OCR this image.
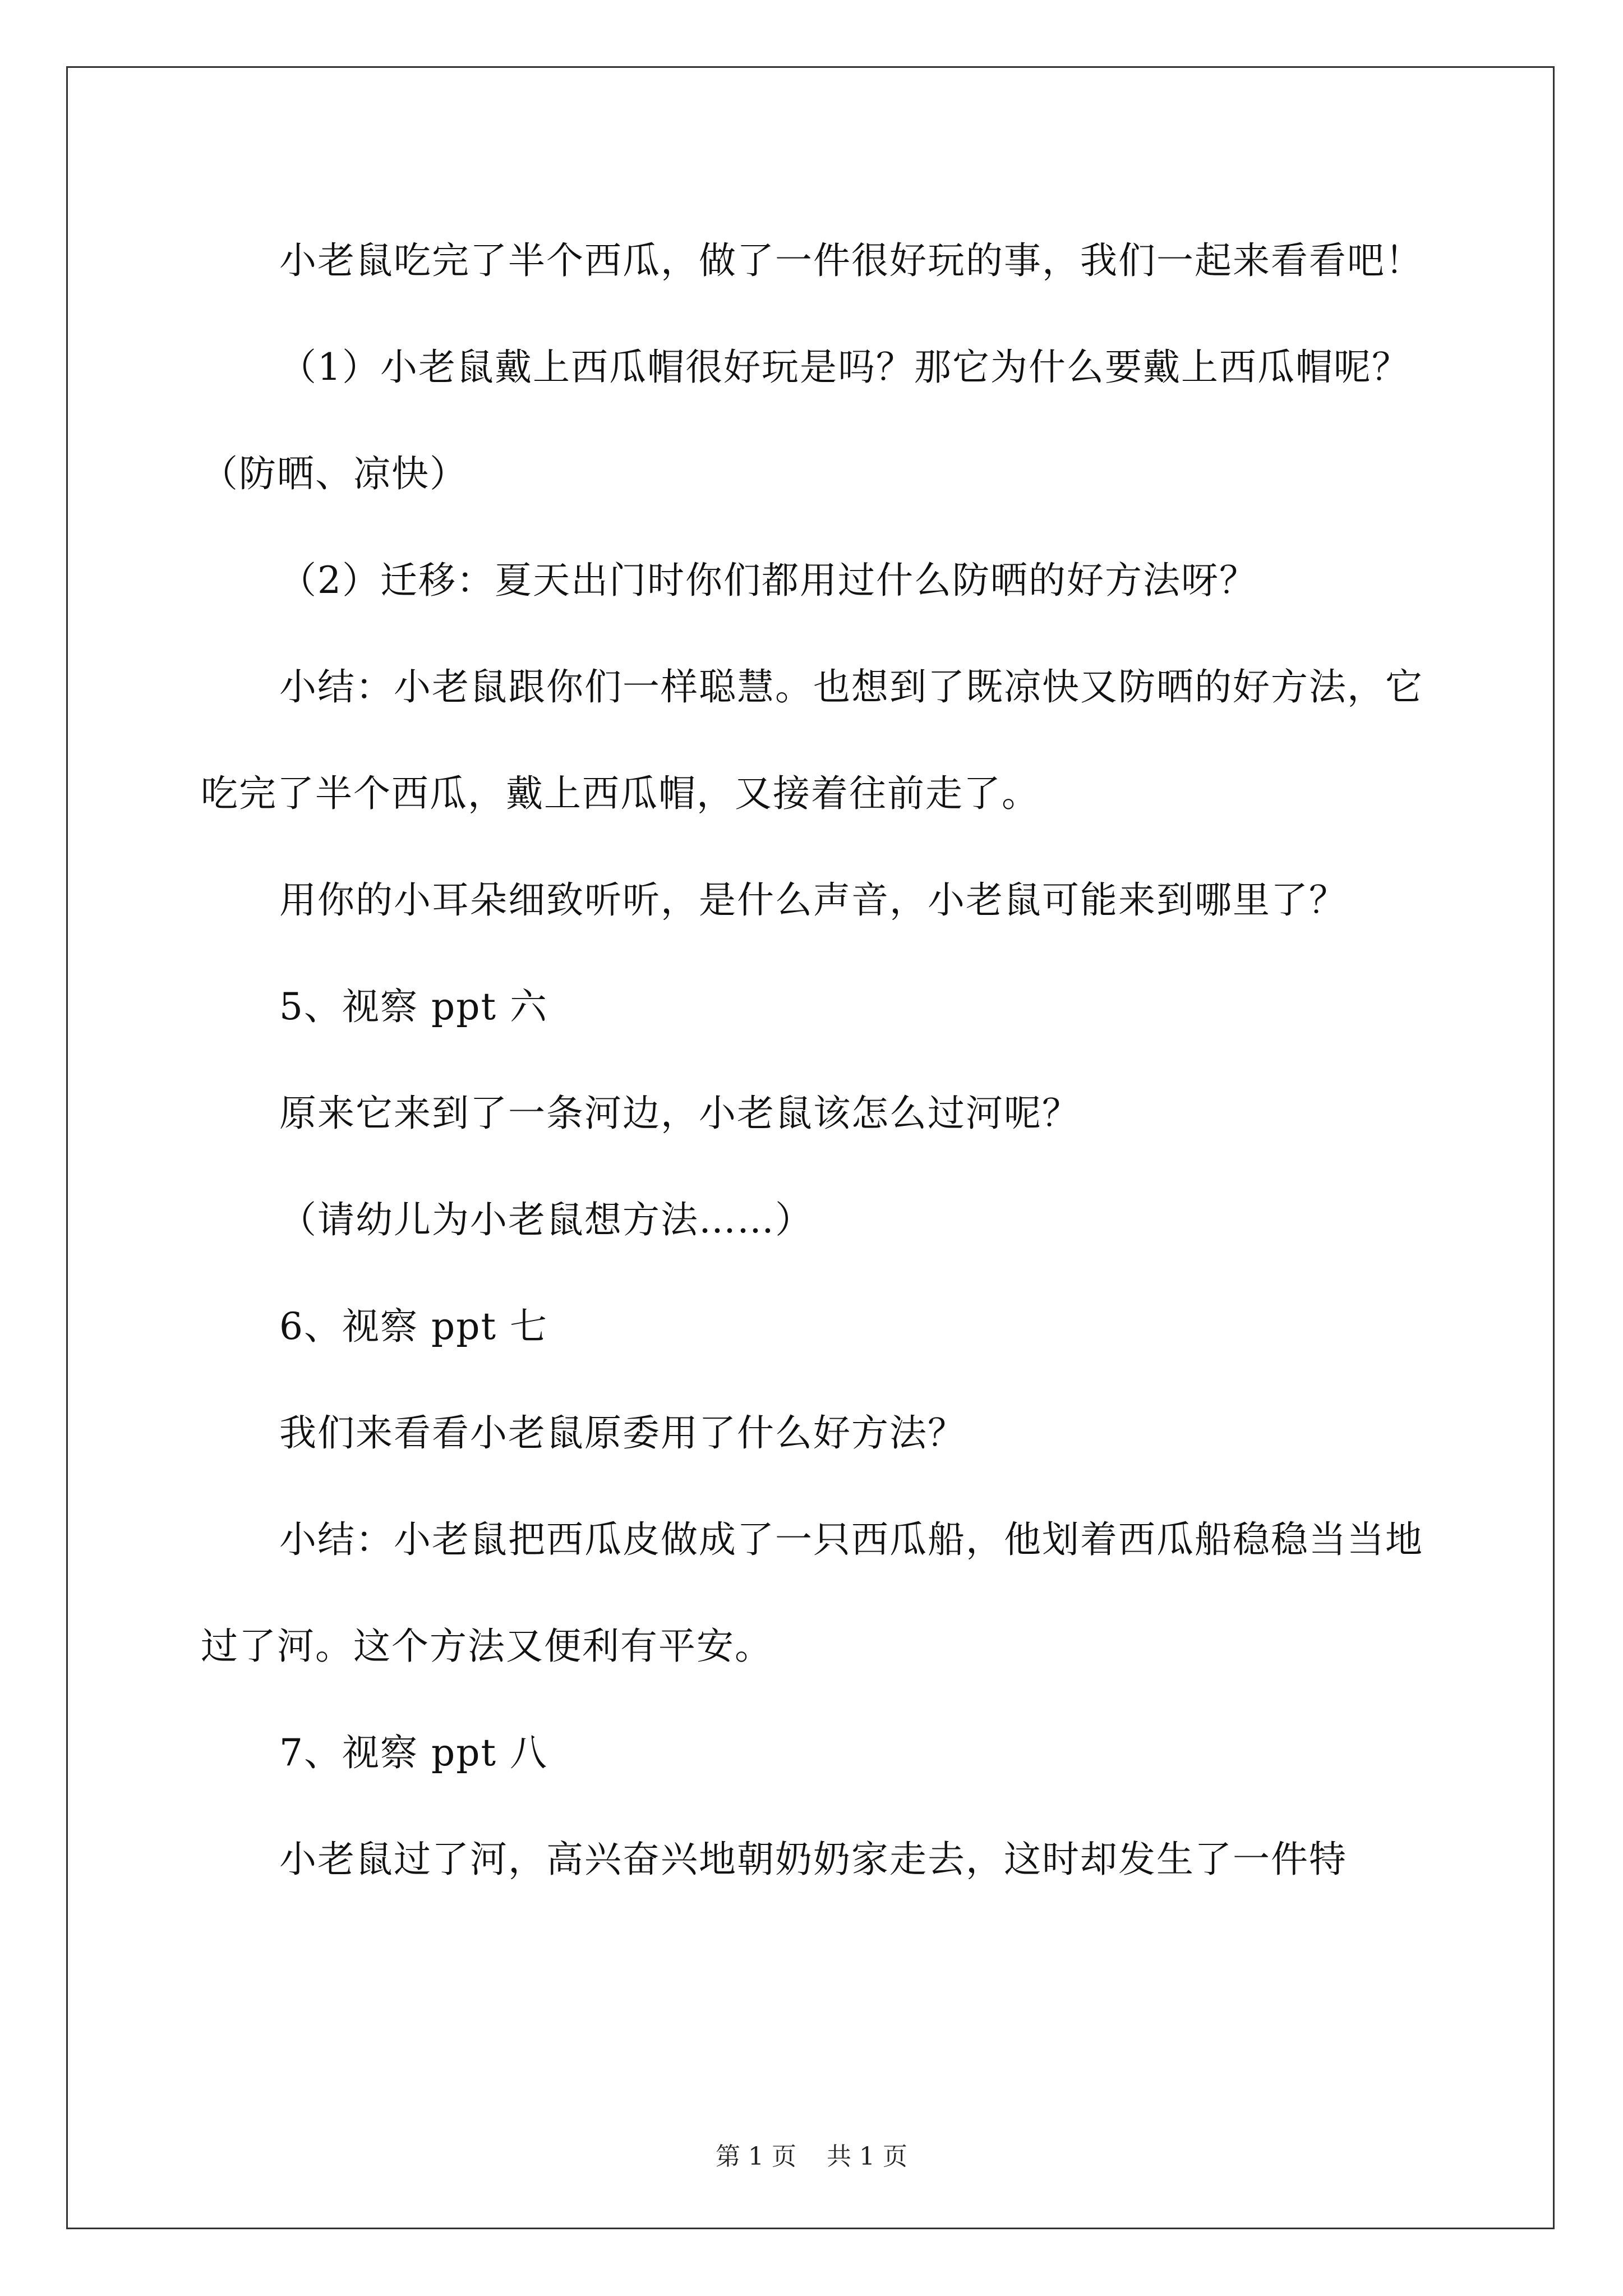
小老鼠吃完了半个西瓜，做了一件很好玩的事，我们一起来看看吧！

（1）小老鼠戴上西瓜帽很好玩是吗？那它为什么要戴上西瓜帽呢？（防晒、凉快）

（2）迁移：夏天出门时你们都用过什么防晒的好方法呀？

小结：小老鼠跟你们一样聪慧。也想到了既凉快又防晒的好方法，它吃完了半个西瓜，戴上西瓜帽，又接着往前走了。

用你的小耳朵细致听听，是什么声音，小老鼠可能来到哪里了？

5、视察 ppt 六

原来它来到了一条河边，小老鼠该怎么过河呢？

（请幼儿为小老鼠想方法……）

6、视察 ppt 七

我们来看看小老鼠原委用了什么好方法？

小结：小老鼠把西瓜皮做成了一只西瓜船，他划着西瓜船稳稳当当地过了河。这个方法又便利有平安。

7、视察 ppt 八

小老鼠过了河，高兴奋兴地朝奶奶家走去，这时却发生了一件特

第 1 页 共 1 页
